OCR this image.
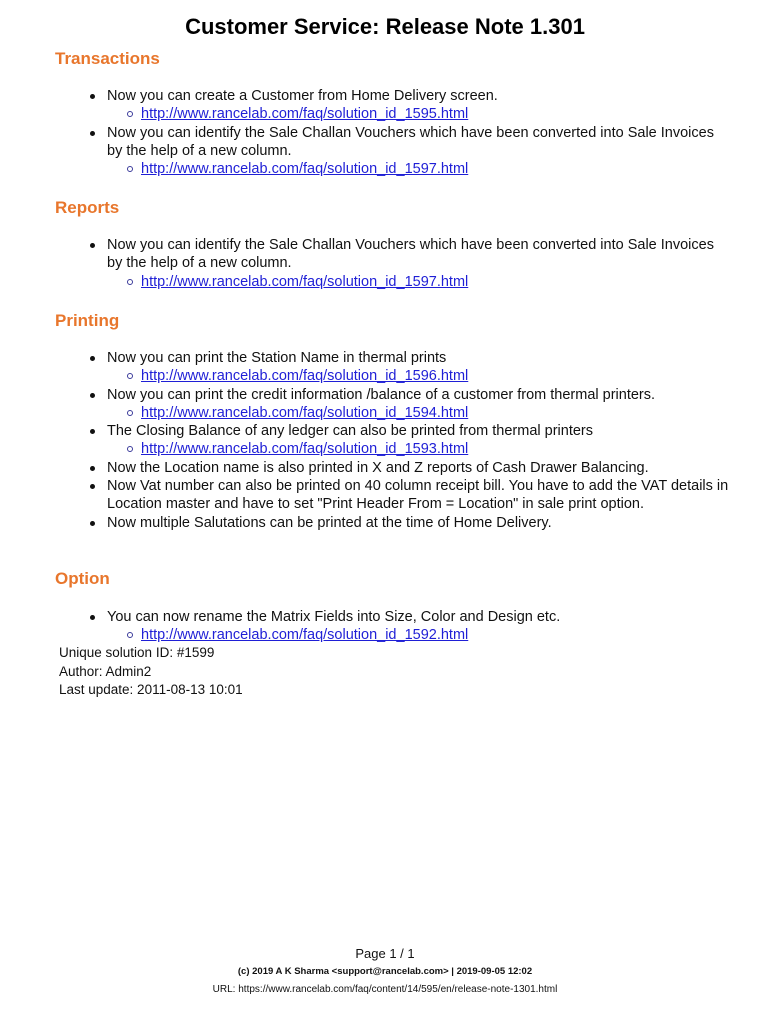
Customer Service: Release Note 1.301
Transactions
Now you can create a Customer from Home Delivery screen.
http://www.rancelab.com/faq/solution_id_1595.html
Now you can identify the Sale Challan Vouchers which have been converted into Sale Invoices by the help of a new column.
http://www.rancelab.com/faq/solution_id_1597.html
Reports
Now you can identify the Sale Challan Vouchers which have been converted into Sale Invoices by the help of a new column.
http://www.rancelab.com/faq/solution_id_1597.html
Printing
Now you can print the Station Name in thermal prints
http://www.rancelab.com/faq/solution_id_1596.html
Now you can print the credit information /balance of a customer from thermal printers.
http://www.rancelab.com/faq/solution_id_1594.html
The Closing Balance of any ledger can also be printed from thermal printers
http://www.rancelab.com/faq/solution_id_1593.html
Now the Location name is also printed in X and Z reports of Cash Drawer Balancing.
Now Vat number can also be printed on 40 column receipt bill. You have to add the VAT details in Location master and have to set "Print Header From = Location" in sale print option.
Now multiple Salutations can be printed at the time of Home Delivery.
Option
You can now rename the Matrix Fields into Size, Color and Design etc.
http://www.rancelab.com/faq/solution_id_1592.html
Unique solution ID: #1599
Author: Admin2
Last update: 2011-08-13 10:01
Page 1 / 1
(c) 2019 A K Sharma <support@rancelab.com> | 2019-09-05 12:02
URL: https://www.rancelab.com/faq/content/14/595/en/release-note-1301.html
